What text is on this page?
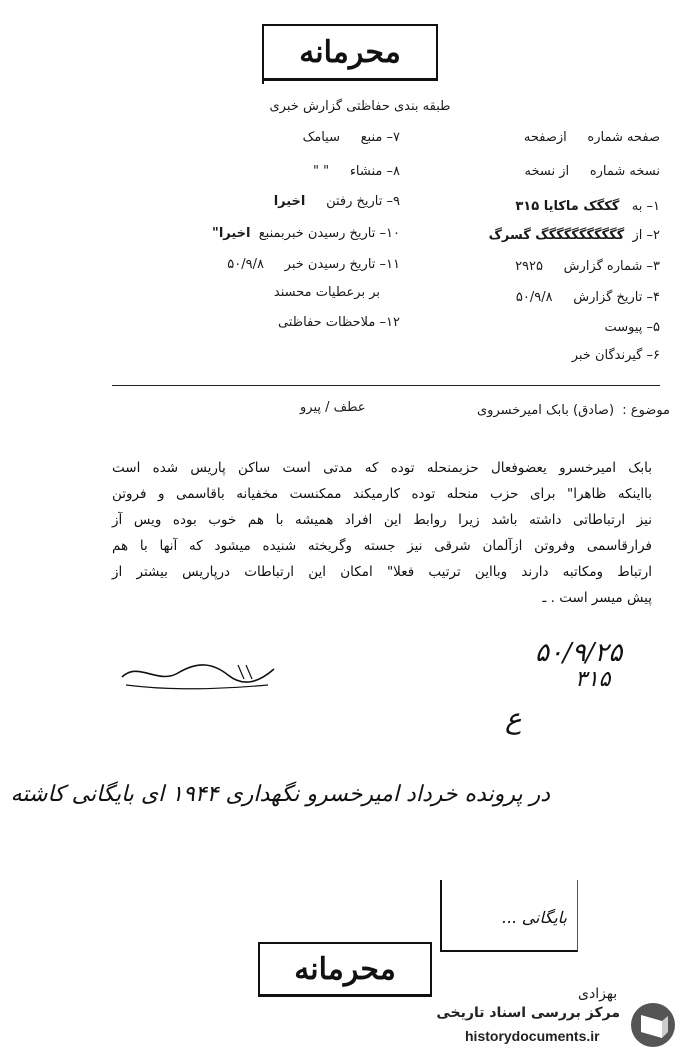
محرمانه
طبقه بندی حفاظتی گزارش خبری
صفحه شماره     ازصفحه
نسخه شماره     از نسخه
۱– به   گکگک ماکایا ۳۱۵
۲– از  گگگگگگگگگگگ گسرگ
۳– شماره گزارش     ۲۹۲۵
۴– تاریخ گزارش     ۵۰/۹/۸
۵– پیوست
۶– گیرندگان خبر
۷– منبع     سیامک
۸– منشاء     " "
۹– تاریخ رفتن     اخیرا
۱۰– تاریخ رسیدن خبربمنبع  اخیرا"
۱۱– تاریخ رسیدن خبر     ۵۰/۹/۸
بر برعطیات محسند
۱۲– ملاحظات حفاظتی
موضوع :  (صادق) بابک امیرخسروی
عطف / پیرو
بابک امیرخسرو یعضوفعال حزبمنحله توده که مدتی است ساکن پاریس شده است
بااینکه ظاهرا" برای حزب منحله توده کارمیکند ممکنست مخفیانه باقاسمی و فروتن
نیز ارتباطاتی داشته باشد زیرا روابط این افراد همیشه با هم خوب بوده ویس آز
فرارقاسمی وفروتن ازآلمان شرقی نیز جسته وگریخته شنیده میشود که آنها با هم
ارتباط ومکاتبه دارند وبااین ترتیب فعلا" امکان این ارتباطات درپاریس بیشتر از
پیش میسر است . ـ
۵۰/۹/۲۵
۳۱۵
ع
در پرونده خرداد امیرخسرو نگهداری ۱۹۴۴ ای بایگانی کاشته
بایگانی ...
محرمانه
بهزادی
مرکز بررسی اسناد تاریخی
historydocuments.ir
